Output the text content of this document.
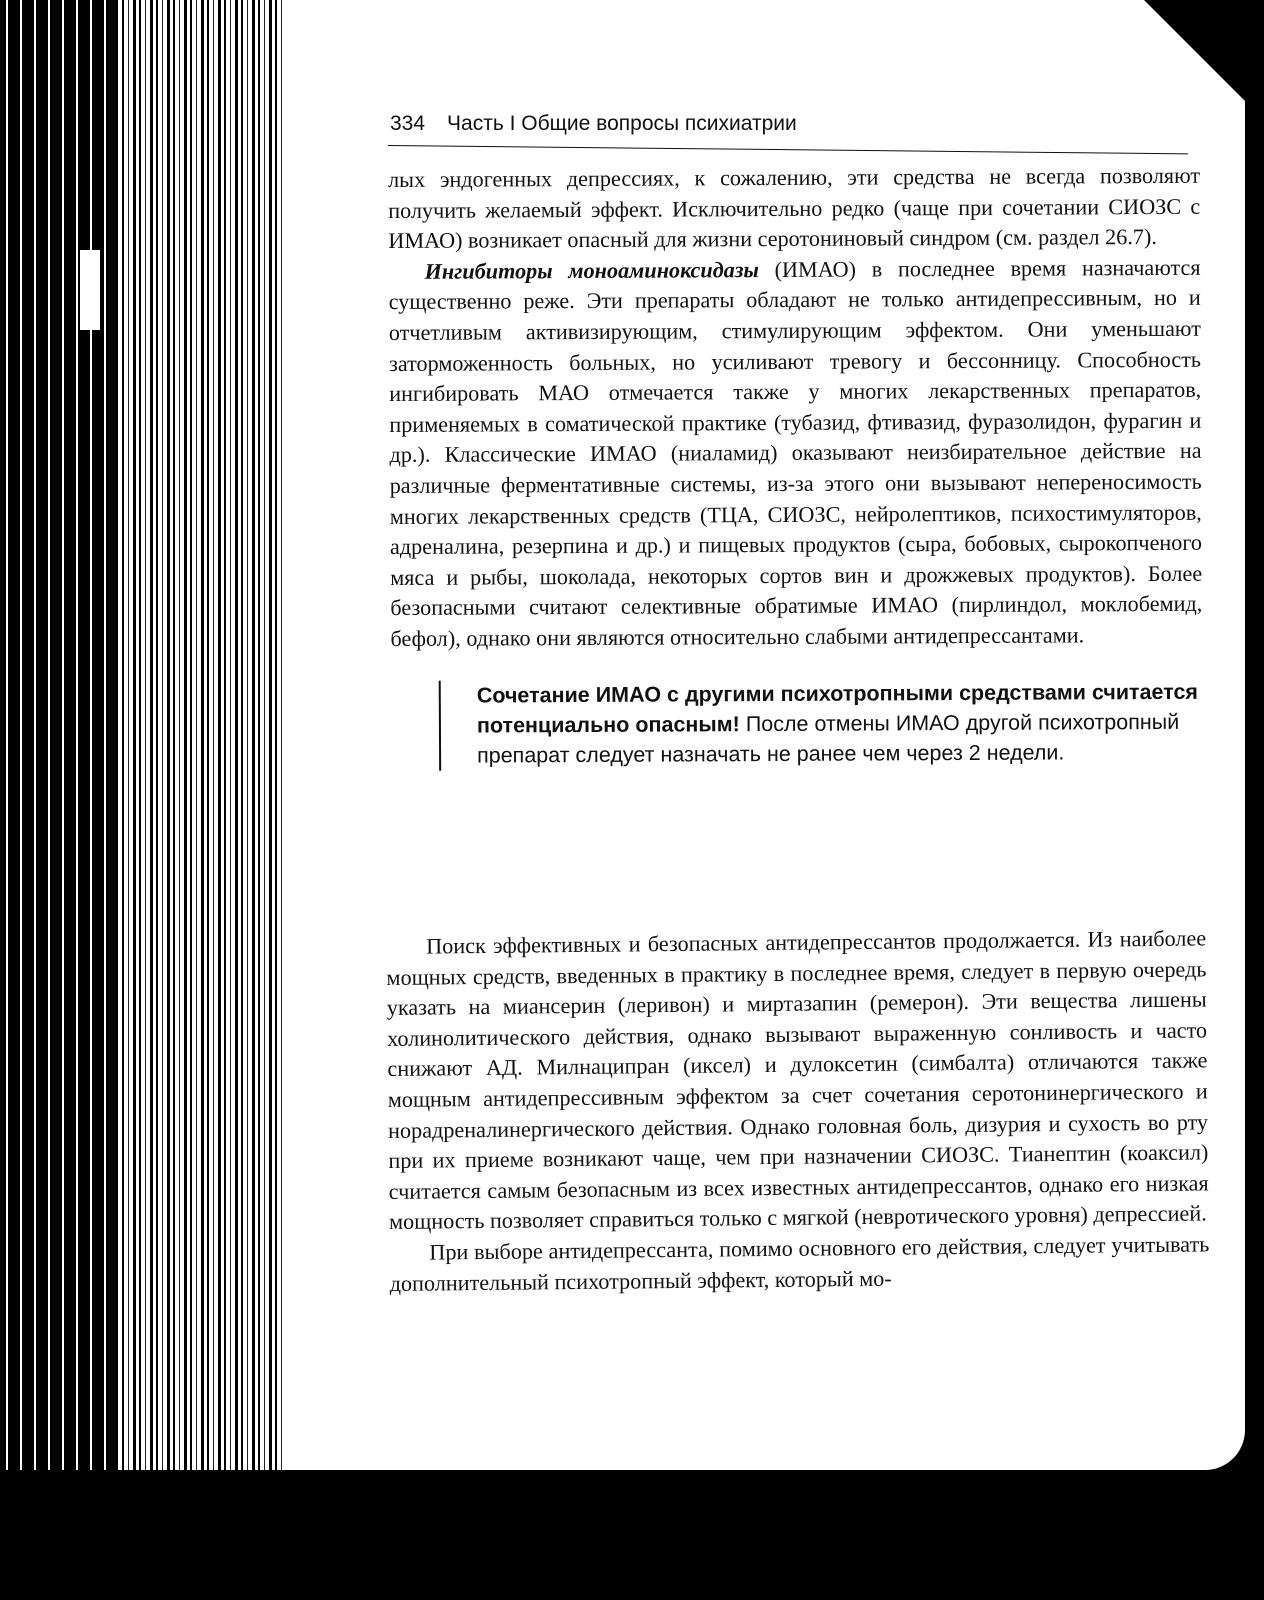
334 Часть I Общие вопросы психиатрии

лых эндогенных депрессиях, к сожалению, эти средства не всегда позволяют получить желаемый эффект. Исключительно редко (чаще при сочетании СИОЗС с ИМАО) возникает опасный для жизни серотониновый синдром (см. раздел 26.7).

Ингибиторы моноаминоксидазы (ИМАО) в последнее время назначаются существенно реже. Эти препараты обладают не только антидепрессивным, но и отчетливым активизирующим, стимулирующим эффектом. Они уменьшают заторможенность больных, но усиливают тревогу и бессонницу. Способность ингибировать МАО отмечается также у многих лекарственных препаратов, применяемых в соматической практике (тубазид, фтивазид, фуразолидон, фурагин и др.). Классические ИМАО (ниаламид) оказывают неизбирательное действие на различные ферментативные системы, из-за этого они вызывают непереносимость многих лекарственных средств (ТЦА, СИОЗС, нейролептиков, психостимуляторов, адреналина, резерпина и др.) и пищевых продуктов (сыра, бобовых, сырокопченого мяса и рыбы, шоколада, некоторых сортов вин и дрожжевых продуктов). Более безопасными считают селективные обратимые ИМАО (пирлиндол, моклобемид, бефол), однако они являются относительно слабыми антидепрессантами.

Сочетание ИМАО с другими психотропными средствами считается потенциально опасным! После отмены ИМАО другой психотропный препарат следует назначать не ранее чем через 2 недели.

Поиск эффективных и безопасных антидепрессантов продолжается. Из наиболее мощных средств, введенных в практику в последнее время, следует в первую очередь указать на миансерин (леривон) и миртазапин (ремерон). Эти вещества лишены холинолитического действия, однако вызывают выраженную сонливость и часто снижают АД. Милнаципран (иксел) и дулоксетин (симбалта) отличаются также мощным антидепрессивным эффектом за счет сочетания серотонинергического и норадреналинергического действия. Однако головная боль, дизурия и сухость во рту при их приеме возникают чаще, чем при назначении СИОЗС. Тианептин (коаксил) считается самым безопасным из всех известных антидепрессантов, однако его низкая мощность позволяет справиться только с мягкой (невротического уровня) депрессией.

При выборе антидепрессанта, помимо основного его действия, следует учитывать дополнительный психотропный эффект, который мо-
